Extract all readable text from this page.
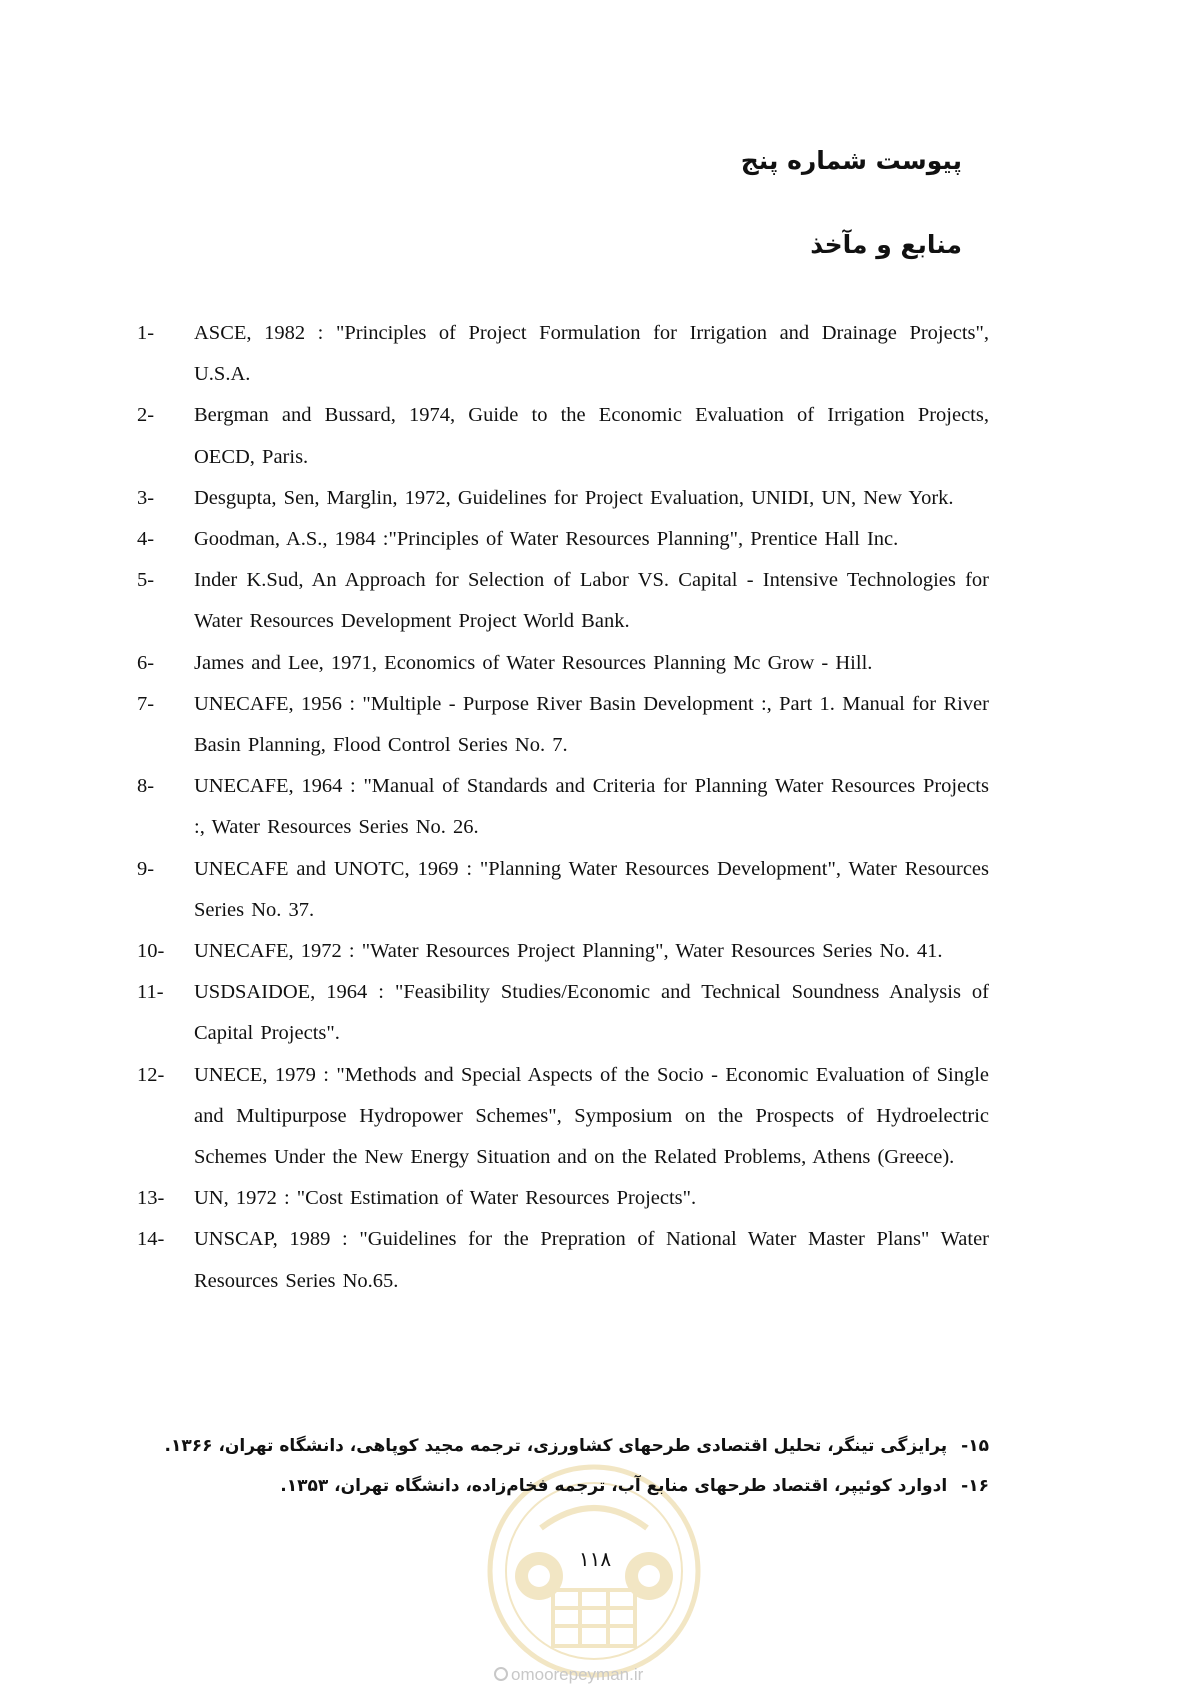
پیوست شماره پنج
منابع و مآخذ
1- ASCE, 1982 : "Principles of Project Formulation for Irrigation and Drainage Projects", U.S.A.
2- Bergman and Bussard, 1974, Guide to the Economic Evaluation of Irrigation Projects, OECD, Paris.
3- Desgupta, Sen, Marglin, 1972, Guidelines for Project Evaluation, UNIDI, UN, New York.
4- Goodman, A.S., 1984 :"Principles of Water Resources Planning", Prentice Hall Inc.
5- Inder K.Sud, An Approach for Selection of Labor VS. Capital - Intensive Technologies for Water Resources Development Project World Bank.
6- James and Lee, 1971, Economics of Water Resources Planning Mc Grow - Hill.
7- UNECAFE, 1956 : "Multiple - Purpose River Basin Development :, Part 1. Manual for River Basin Planning, Flood Control Series No. 7.
8- UNECAFE, 1964 : "Manual of Standards and Criteria for Planning Water Resources Projects :, Water Resources Series No. 26.
9- UNECAFE and UNOTC, 1969 : "Planning Water Resources Development", Water Resources Series No. 37.
10- UNECAFE, 1972 : "Water Resources Project Planning", Water Resources Series No. 41.
11- USDSAIDOE, 1964 : "Feasibility Studies/Economic and Technical Soundness Analysis of Capital Projects".
12- UNECE, 1979 : "Methods and Special Aspects of the Socio - Economic Evaluation of Single and Multipurpose Hydropower Schemes", Symposium on the Prospects of Hydroelectric Schemes Under the New Energy Situation and on the Related Problems, Athens (Greece).
13- UN, 1972 : "Cost Estimation of Water Resources Projects".
14- UNSCAP, 1989 : "Guidelines for the Prepration of National Water Master Plans" Water Resources Series No.65.
۱۵-پرایزگی تینگر، تحلیل اقتصادی طرحهای کشاورزی، ترجمه مجید کوپاهی، دانشگاه تهران، ۱۳۶۶.
۱۶-ادوارد کوئیپر، اقتصاد طرحهای منابع آب، ترجمه فخام‌زاده، دانشگاه تهران، ۱۳۵۳.
۱۱۸
omoorepeyman.ir
